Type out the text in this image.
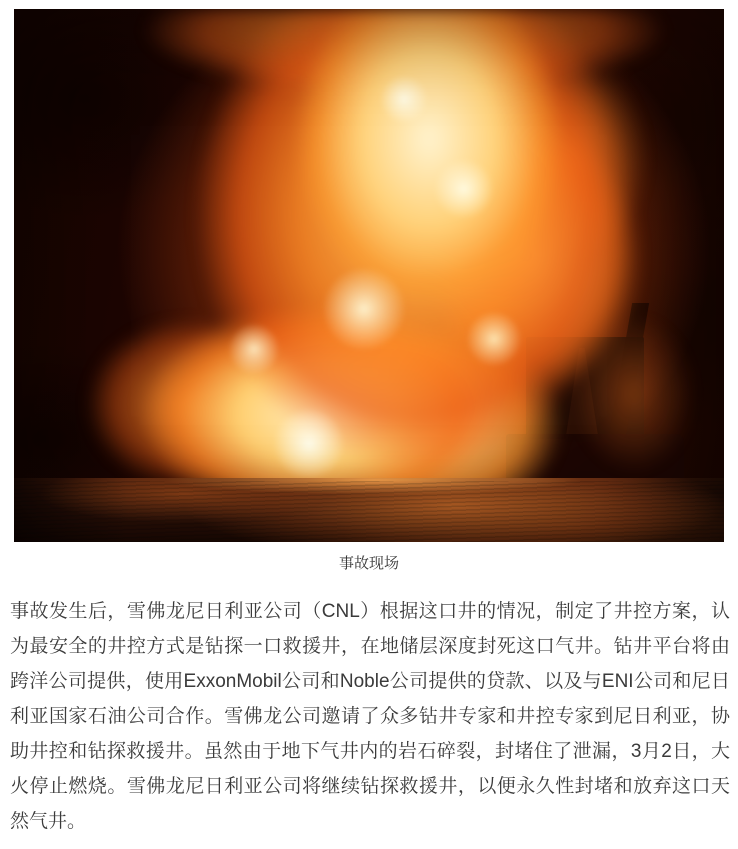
事故现场

事故发生后，雪佛龙尼日利亚公司（CNL）根据这口井的情况，制定了井控方案，认为最安全的井控方式是钻探一口救援井，在地储层深度封死这口气井。钻井平台将由跨洋公司提供，使用ExxonMobil公司和Noble公司提供的贷款、以及与ENI公司和尼日利亚国家石油公司合作。雪佛龙公司邀请了众多钻井专家和井控专家到尼日利亚，协助井控和钻探救援井。虽然由于地下气井内的岩石碎裂，封堵住了泄漏，3月2日，大火停止燃烧。雪佛龙尼日利亚公司将继续钻探救援井，以便永久性封堵和放弃这口天然气井。
